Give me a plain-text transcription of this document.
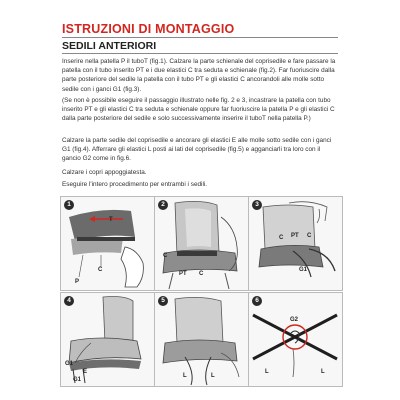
ISTRUZIONI DI MONTAGGIO
SEDILI ANTERIORI

Inserire nella patella P il tuboT (fig.1). Calzare la parte schienale del coprisedile e fare passare la patella con il tubo inserito PT e i due elastici C tra seduta e schienale (fig.2). Far fuoriuscire dalla parte posteriore del sedile la patella con il tubo PT e gli elastici C ancorandoli alle molle sotto sedile con i ganci G1 (fig.3).

(Se non è possibile eseguire il passaggio illustrato nelle fig. 2 e 3, incastrare la patella con tubo inserito PT e gli elastici C tra seduta e schienale oppure far fuoriuscire la patella P e gli elastici C dalla parte posteriore del sedile e solo successivamente inserire il tuboT nella patella P.)

Calzare la parte sedile del coprisedile e ancorare gli elastici E alle molle sotto sedile con i ganci G1 (fig.4). Afferrare gli elastici L posti ai lati del coprisedile (fig.5) e agganciarli tra loro con il gancio G2 come in fig.6.

Calzare i copri appoggiatesta.

Eseguire l'intero procedimento per entrambi i sedili.

1
T
P
C
2
C
PT C
3
C PT C
G1
4
G1
E
G1
5
L	L
6
G2
L	L
